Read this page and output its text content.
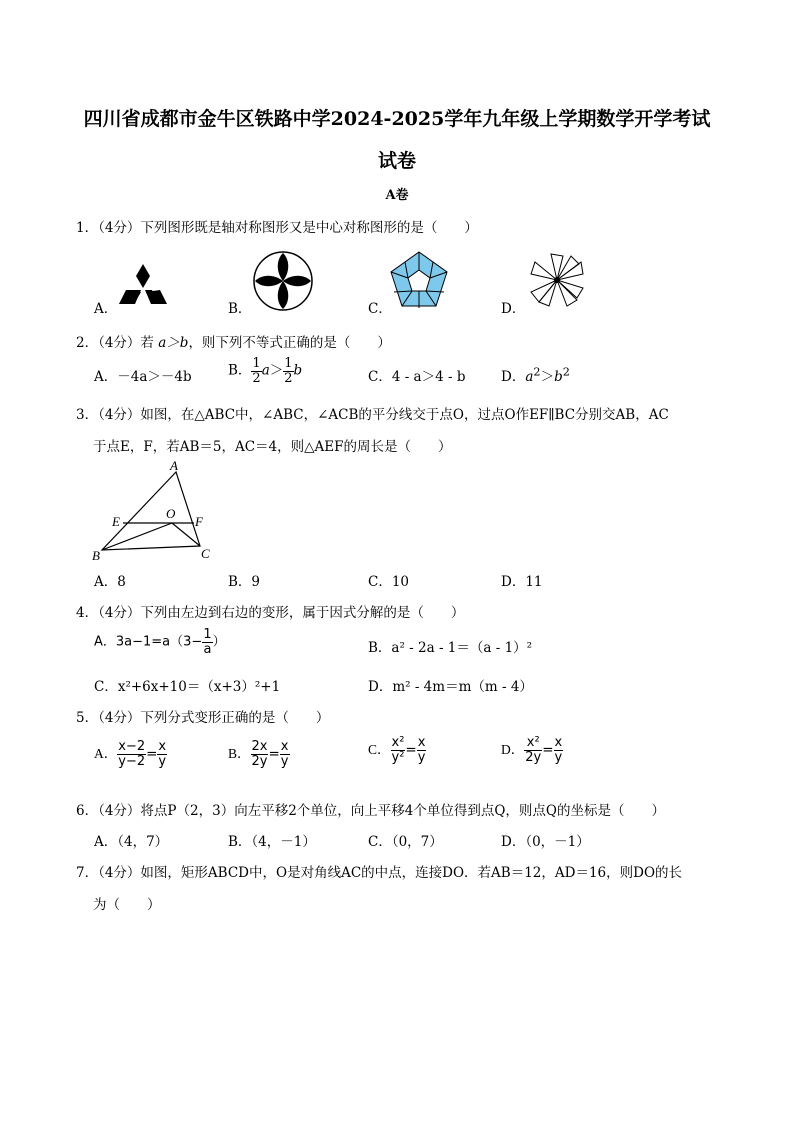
四川省成都市金牛区铁路中学2024-2025学年九年级上学期数学开学考试
试卷
A卷
1．（4分）下列图形既是轴对称图形又是中心对称图形的是（　　）
A．	B．	C．	D．
2．（4分）若 a＞b，则下列不等式正确的是（　　）
A．－4a＞－4b	B． $\frac{1}{2} a> \frac{1}{2}$ b	C．4 - a＞4 - b	D．$a^2>b^2$
3．（4分）如图，在△ABC中，∠ABC，∠ACB的平分线交于点O，过点O作EF∥BC分别交AB，AC
于点E，F，若AB＝5，AC＝4，则△AEF的周长是（　　）
A
B	C
E	F
O
A．8	B．9	C．10	D．11
4．（4分）下列由左边到右边的变形，属于因式分解的是（　　）
A．$3a-1=a(3- \frac{1}{a}$ ）	B．a² - 2a - 1＝（a - 1）²
C．x²+6x+10＝（x+3）²+1	D．m² - 4m＝m（m - 4）
5．（4分）下列分式变形正确的是（　　）
A． $\frac{x-2}{y-2} = \frac{x}{y}$	B． $\frac{2x}{2y} = \frac{x}{y}$	C． $\frac{\text{x²}}{\text{y²}} = \frac{x}{y}$	D． $\frac{\text{x²}}{2y} = \frac{x}{y}$
6．（4分）将点P（2，3）向左平移2个单位，向上平移4个单位得到点Q，则点Q的坐标是（　　）
A．（4，7）	B．（4，－1）	C．（0，7）	D．（0，－1）
7．（4分）如图，矩形ABCD中，O是对角线AC的中点，连接DO．若AB＝12，AD＝16，则DO的长
为（　　）
